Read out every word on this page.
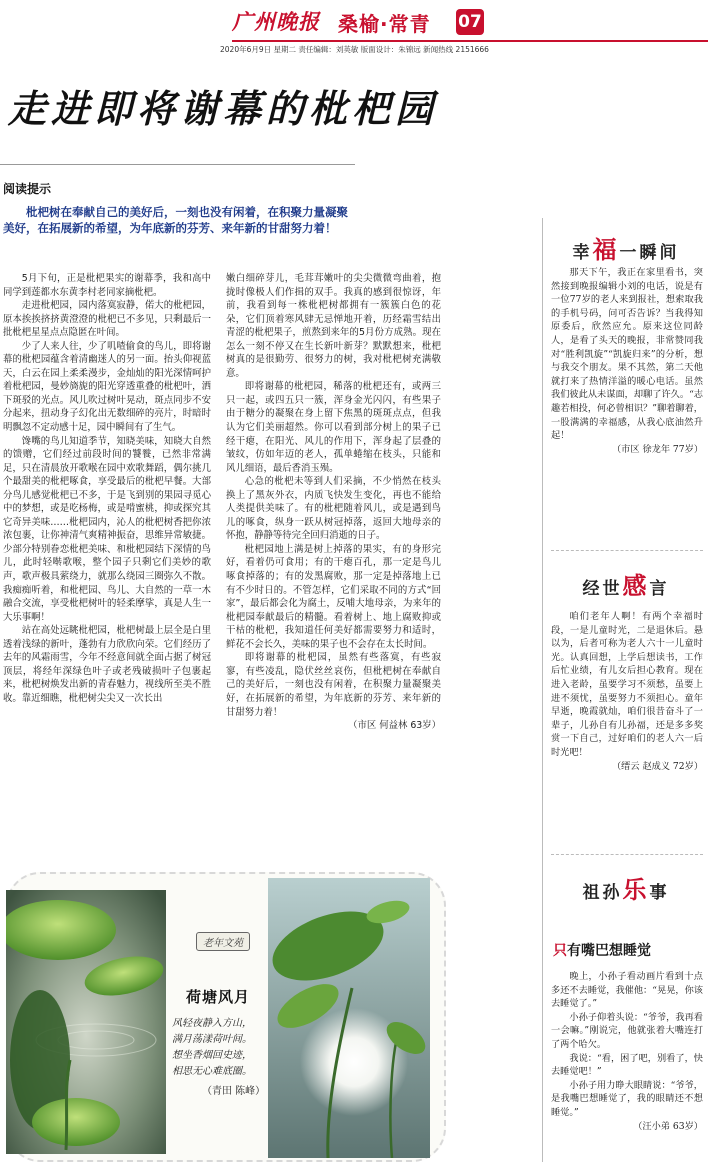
广州晚报 桑榆·常青 07
2020年6月9日 星期二 责任编辑：刘英敏 版面设计：朱锦远 新闻热线 2151666
走进即将谢幕的枇杷园
阅读提示
枇杷树在奉献自己的美好后，一刻也没有闲着，在积聚力量凝聚美好，在拓展新的希望，为年底新的芬芳、来年新的甘甜努力着！

5月下旬，正是枇杷果实的谢幕季，我和高中同学到莲都水东黄李村老同家摘枇杷。

走进枇杷园，园内落寞寂静，偌大的枇杷园，原本挨挨挤挤黄澄澄的枇杷已不多见，只剩最后一批枇杷星星点点隐匿在叶间。

少了人来人往，少了叽喳偷食的鸟儿，即将谢幕的枇杷园蕴含着清幽迷人的另一面。抬头仰视蓝天，白云在园上柔柔漫步，金灿灿的阳光深情呵护着枇杷园，曼妙旖旎的阳光穿透重叠的枇杷叶，洒下斑驳的光点。风儿吹过树叶晃动，斑点同步不安分起来，扭动身子幻化出无数细碎的亮片，时暗时明飘忽不定动感十足，园中瞬间有了生气。

馋嘴的鸟儿知道季节，知晓美味，知晓大自然的馈赠，它们经过前段时间的饕餮，已然非常满足，只在清晨放开歌喉在园中欢歌舞蹈，偶尔挑几个最甜美的枇杷啄食，享受最后的枇杷早餐。大部分鸟儿感觉枇杷已不多，于是飞到别的果园寻觅心中的梦想，或是吃杨梅，或是啃蜜桃，抑或探究其它奇异美味……枇杷园内，沁人的枇杷树香把你浓浓包裹，让你神清气爽精神振奋，思维异常敏捷。少部分特别眷恋枇杷美味、和枇杷园结下深情的鸟儿，此时轻啭歌喉，整个园子只剩它们美妙的歌声，歌声极具萦绕力，就那么绕园三圈弥久不散。我痴痴听着，和枇杷园、鸟儿、大自然的一草一木融合交流，享受枇杷树叶的轻柔摩挲，真是人生一大乐事啊！

站在高处远眺枇杷园，枇杷树最上层全是白里透着浅绿的新叶，蓬勃有力欣欣向荣。它们经历了去年的风霜雨雪，今年不经意间就全面占据了树冠顶层，将经年深绿色叶子或老残破损叶子包裹起来，枇杷树焕发出新的青春魅力，视线所至美不胜收。靠近细瞧，枇杷树尖尖又一次长出

嫩白细碎芽儿，毛茸茸嫩叶的尖尖微微弯曲着，抱拢时像极人们作揖的双手。我真的感到很惊讶，年前，我看到每一株枇杷树都拥有一簇簇白色的花朵，它们顶着寒风肆无忌惮地开着，历经霜雪结出青涩的枇杷果子，煎熬到来年的5月份方成熟。现在怎么一刻不停又在生长新叶新芽？默默想来，枇杷树真的是很勤劳、很努力的树，我对枇杷树充满敬意。

即将谢幕的枇杷园，稀落的枇杷还有，或两三只一起，或四五只一簇，浑身金光闪闪，有些果子由于糖分的凝聚在身上留下焦黑的斑斑点点，但我认为它们美丽超然。你可以看到部分树上的果子已经干瘪，在阳光、风儿的作用下，浑身起了层叠的皱纹，仿如年迈的老人，孤单蜷缩在枝头，只能和风儿细语，最后香消玉殒。

心急的枇杷未等到人们采摘，不少悄然在枝头换上了黑灰外衣，内质飞快发生变化，再也不能给人类提供美味了。有的枇杷随着风儿，或是遇到鸟儿的啄食，纵身一跃从树冠掉落，返回大地母亲的怀抱，静静等待完全回归消逝的日子。

枇杷园地上满是树上掉落的果实，有的身形完好，看着仍可食用；有的干瘪百孔，那一定是鸟儿啄食掉落的；有的发黑腐败，那一定是掉落地上已有不少时日的。不管怎样，它们采取不同的方式“回家”，最后都会化为腐土，反哺大地母亲，为来年的枇杷园奉献最后的精髓。看着树上、地上腐败抑或干枯的枇杷，我知道任何美好都需要努力和适时，鲜花不会长久，美味的果子也不会存在太长时间。

即将谢幕的枇杷园，虽然有些落寞，有些寂寥，有些凌乱，隐伏丝丝哀伤，但枇杷树在奉献自己的美好后，一刻也没有闲着，在积聚力量凝聚美好，在拓展新的希望，为年底新的芬芳、来年新的甘甜努力着！

（市区 何益林 63岁）

幸福一瞬间

那天下午，我正在家里看书，突然接到晚报编辑小刘的电话，说是有一位77岁的老人来到报社，想索取我的手机号码，问可否告诉？当我得知原委后，欣然应允。原来这位同龄人，是看了头天的晚报，非常赞同我对“胜利凯旋”“凯旋归来”的分析，想与我交个朋友。果不其然，第二天他就打来了热情洋溢的暖心电话。虽然我们彼此从未谋面，却聊了许久。“志趣若相投，何必曾相识？”聊着聊着，一股满满的幸福感，从我心底油然升起！

（市区 徐龙年 77岁）

经世感言

咱们老年人啊！有两个幸福时段，一是儿童时光，二是退休后。悬以为，后者可称为老人六十一儿童时光。认真回想，上学后想读书，工作后忙业绩，有儿女后担心教育。现在进入老龄，虽要学习不须愁，虽要上进不须忧，虽要努力不须担心。童年早逝，晚霞就灿，咱们很昔奋斗了一辈子，儿孙自有儿孙福，还是多多奖赏一下自己，过好咱们的老人六一后时光吧！

（缙云 赵成义 72岁）

祖孙乐事
只有嘴巴想睡觉

晚上，小孙子看动画片看到十点多还不去睡觉，我催他：“晃晃，你该去睡觉了。”

小孙子仰着头说：“爷爷，我再看一会嘛。”刚说完，他就张着大嘴连打了两个哈欠。

我说：“看，困了吧，别看了，快去睡觉吧！”

小孙子用力睁大眼睛说：“爷爷，是我嘴巴想睡觉了，我的眼睛还不想睡觉。”

（汪小弟 63岁）

老年文苑
荷塘风月
风轻夜静入方山，
满月荡漾荷叶间。
想坐香烟回史迹，
相思无心难底圈。
（青田 陈峰）
